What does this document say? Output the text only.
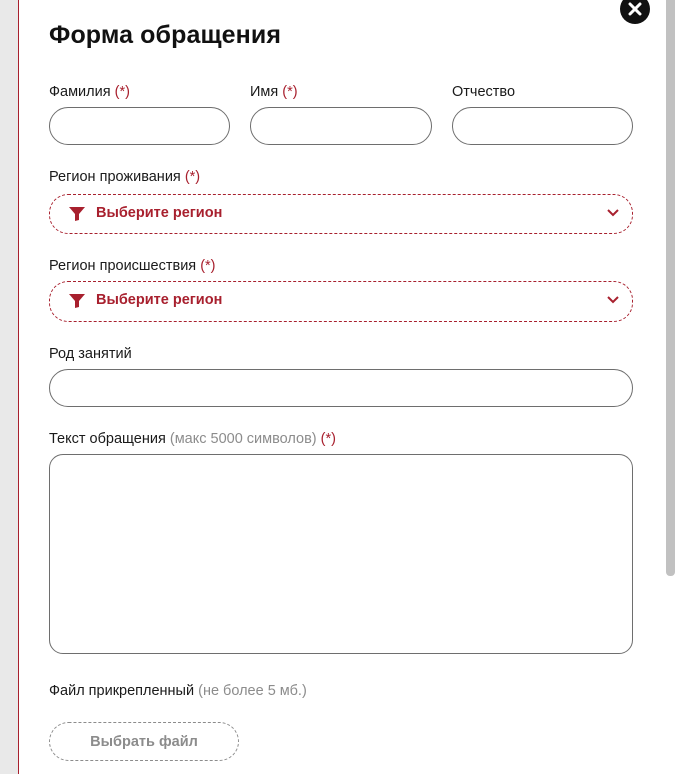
Форма обращения
Фамилия (*)	Имя (*)	Отчество
Регион проживания (*)
Выберите регион
Регион происшествия (*)
Выберите регион
Род занятий
Текст обращения (макс 5000 символов) (*)
Файл прикрепленный (не более 5 мб.)
Выбрать файл
